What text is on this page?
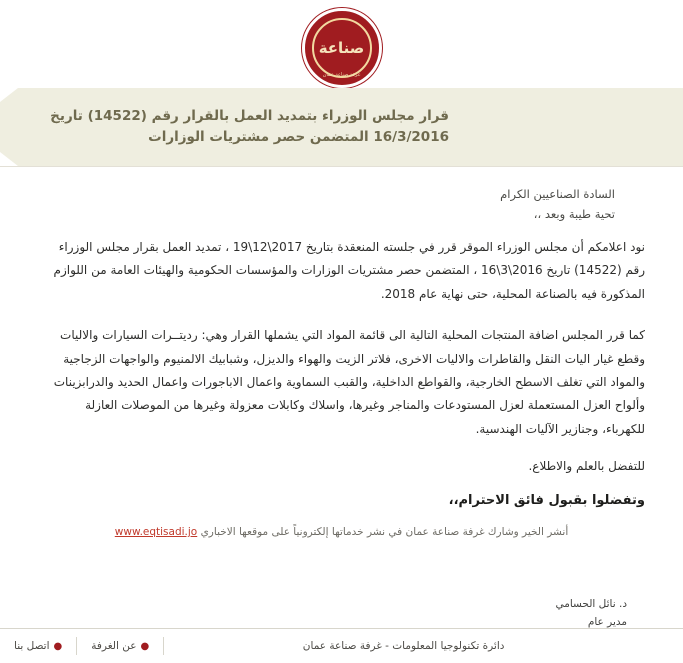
صناعة
غرفة صناعة عمان
قرار مجلس الوزراء بتمديد العمل بالقرار رقم (14522) تاريخ 16/3/2016 المتضمن حصر مشتريات الوزارات
السادة الصناعيين الكرام
تحية طيبة وبعد ،،

نود اعلامكم أن مجلس الوزراء الموقر قرر في جلسته المنعقدة بتاريخ 2017\12\19 ، تمديد العمل بقرار مجلس الوزراء رقم (14522) تاريخ 2016\3\16 ، المتضمن حصر مشتريات الوزارات والمؤسسات الحكومية والهيئات العامة من اللوازم المذكورة فيه بالصناعة المحلية، حتى نهاية عام 2018.

كما قرر المجلس اضافة المنتجات المحلية التالية الى قائمة المواد التي يشملها القرار وهي: رديتــرات السيارات والاليات وقطع غيار اليات النقل والقاطرات والاليات الاخرى، فلاتر الزيت والهواء والديزل، وشبابيك الالمنيوم والواجهات الزجاجية والمواد التي تغلف الاسطح الخارجية، والقواطع الداخلية، والقبب السماوية واعمال الاباجورات واعمال الحديد والدرابزينات وألواح العزل المستعملة لعزل المستودعات والمناجر وغيرها، واسلاك وكابلات معزولة وغيرها من الموصلات العازلة للكهرباء، وجنازير الآليات الهندسية.

للتفضل بالعلم والاطلاع.
وتفضلوا بقبول فائق الاحترام،،
أنشر الخير وشارك غرفة صناعة عمان في نشر خدماتها إلكترونياً على موقعها الاخباري www.eqtisadi.jo
د. نائل الحسامي
مدير عام
دائرة تكنولوجيا المعلومات - غرفة صناعة عمان
●عن الغرفة
●اتصل بنا
